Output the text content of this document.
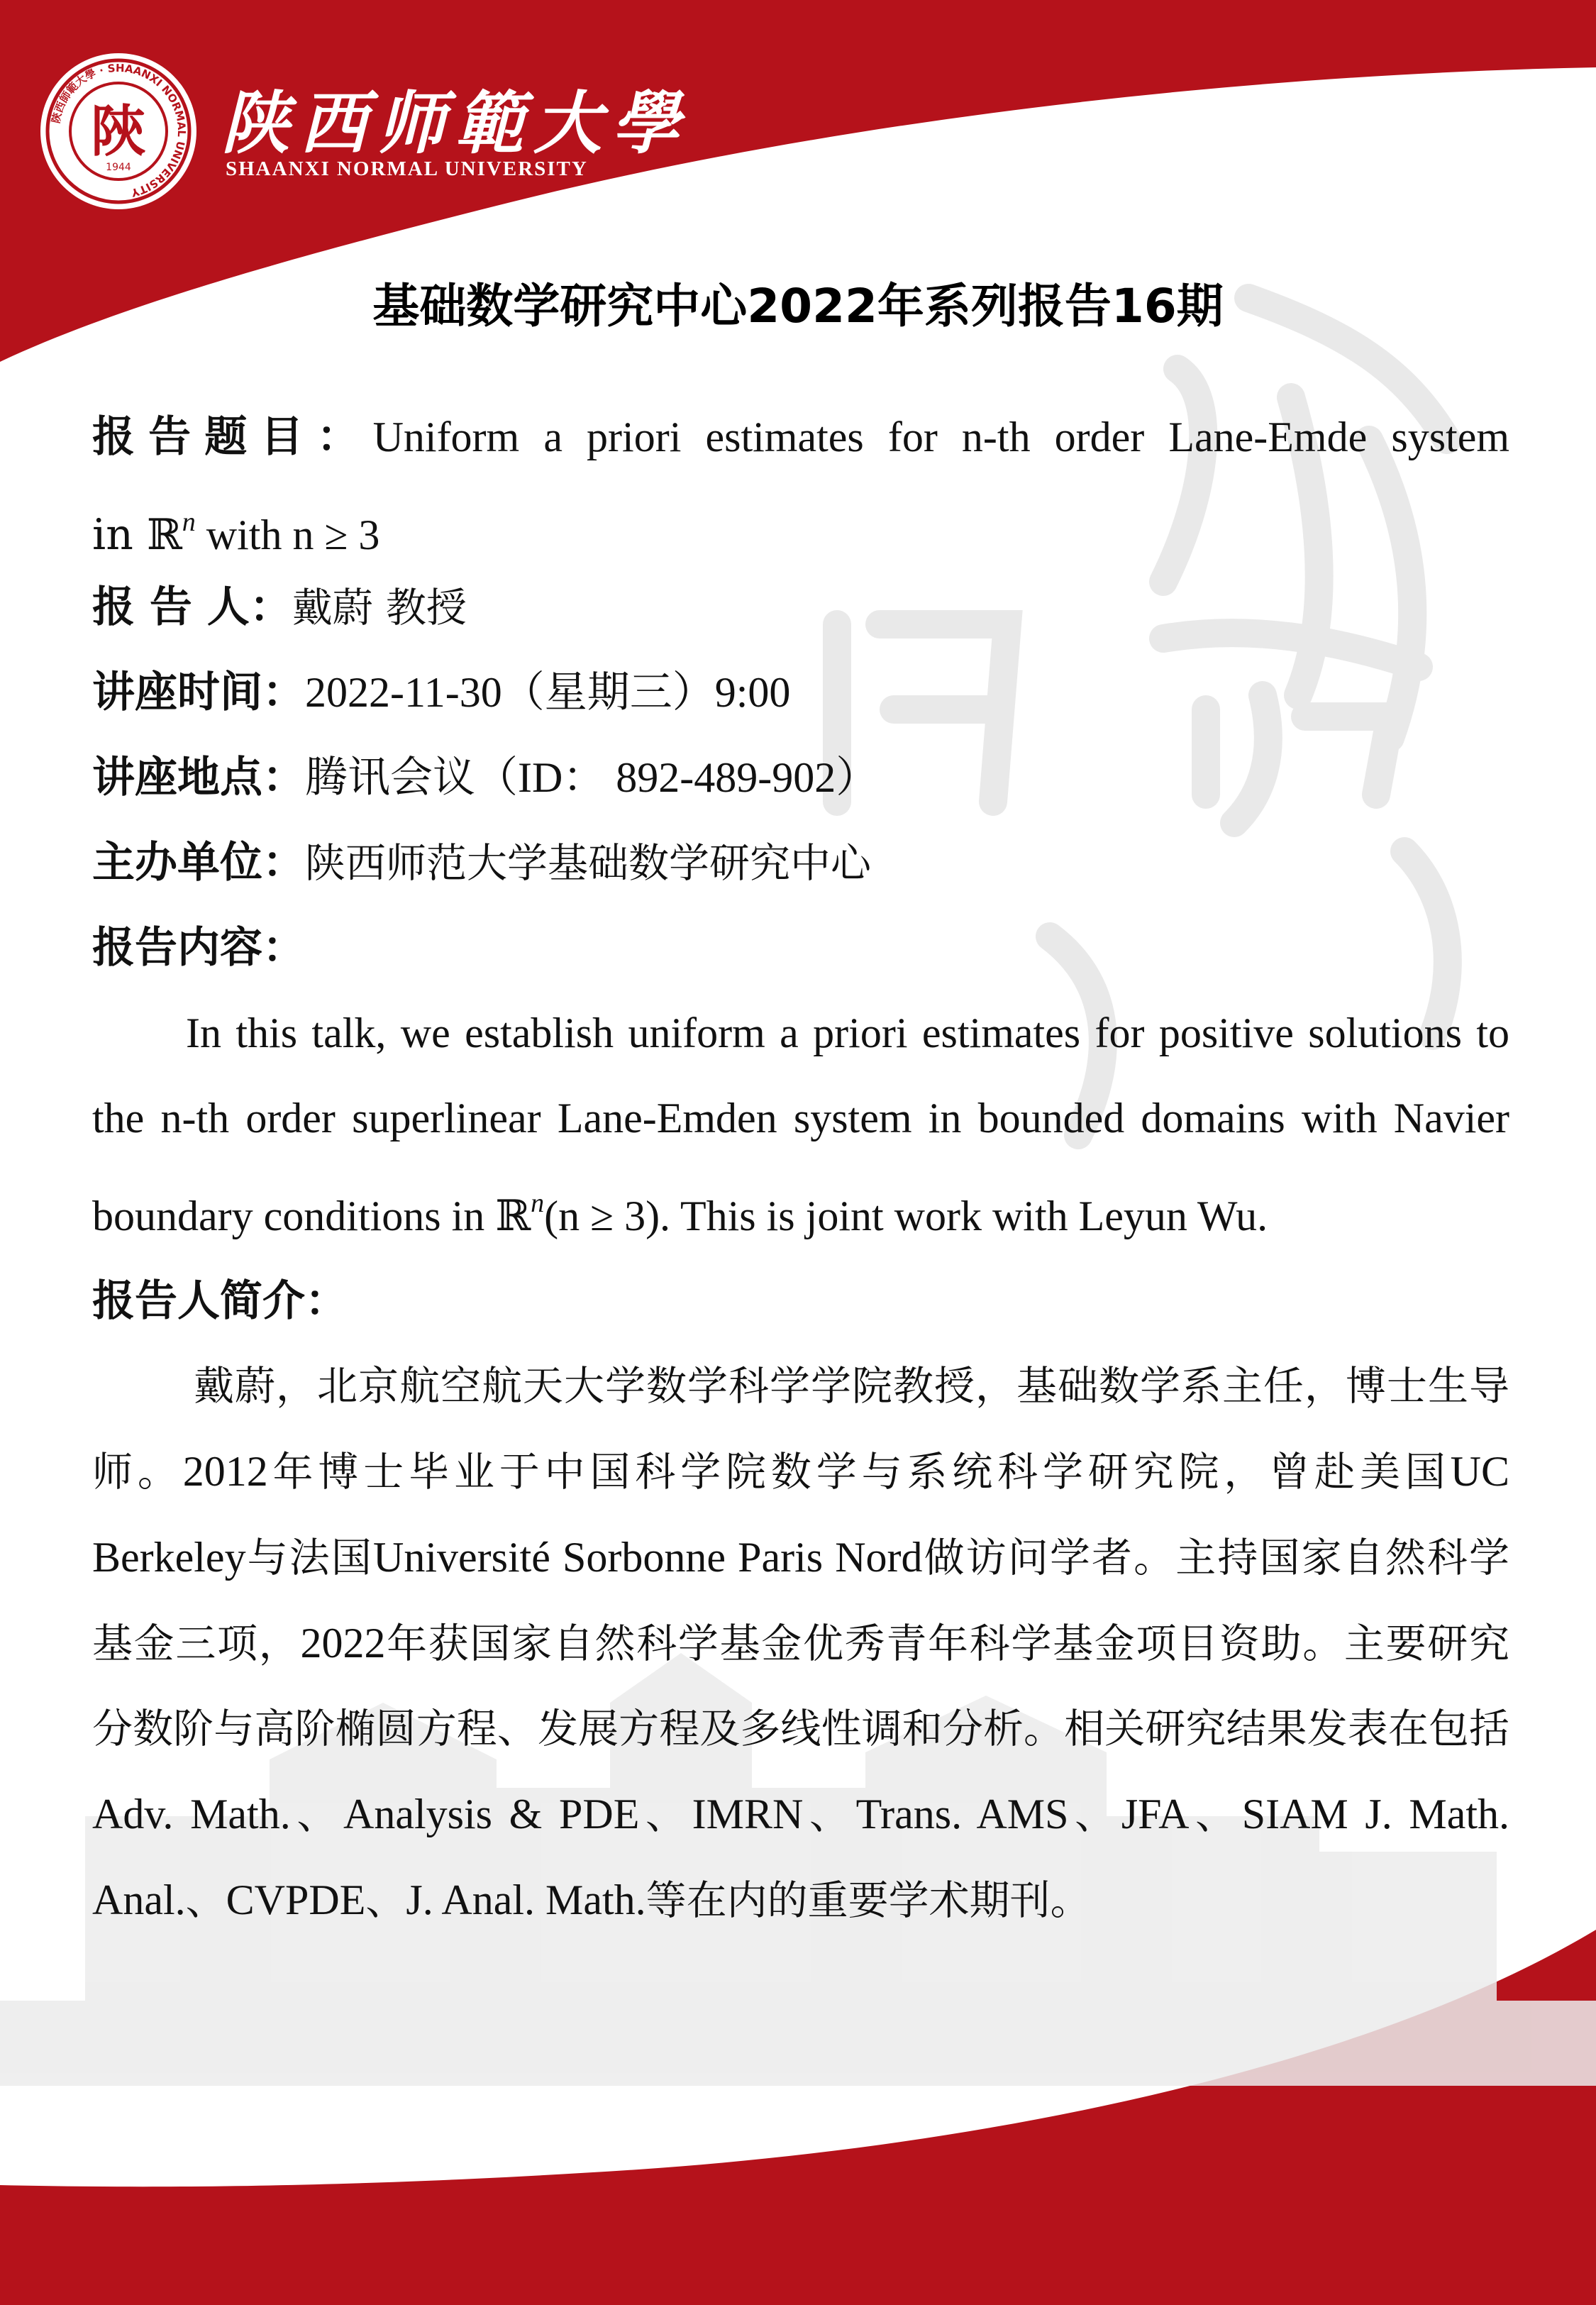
陝西師範大學 · SHAANXI NORMAL UNIVERSITY
陝
1944
陕西师範大學
SHAANXI NORMAL UNIVERSITY
基础数学研究中心2022年系列报告16期
报告题目：Uniform a priori estimates for n-th order Lane-Emde system
in ℝ$^n$ with n ≥ 3
报 告 人：戴蔚 教授
讲座时间：2022-11-30（星期三）9:00
讲座地点：腾讯会议（ID： 892-489-902）
主办单位：陕西师范大学基础数学研究中心
报告内容：
In this talk, we establish uniform a priori estimates for positive solutions to the n-th order superlinear Lane-Emden system in bounded domains with Navier boundary conditions in ℝ$^n$(n ≥ 3). This is joint work with Leyun Wu.
报告人简介：
戴蔚，北京航空航天大学数学科学学院教授，基础数学系主任，博士生导师。2012年博士毕业于中国科学院数学与系统科学研究院，曾赴美国UC Berkeley与法国Université Sorbonne Paris Nord做访问学者。主持国家自然科学基金三项，2022年获国家自然科学基金优秀青年科学基金项目资助。主要研究分数阶与高阶椭圆方程、发展方程及多线性调和分析。相关研究结果发表在包括Adv. Math.、Analysis & PDE、IMRN、Trans. AMS、JFA、SIAM J. Math. Anal.、CVPDE、J. Anal. Math.等在内的重要学术期刊。
